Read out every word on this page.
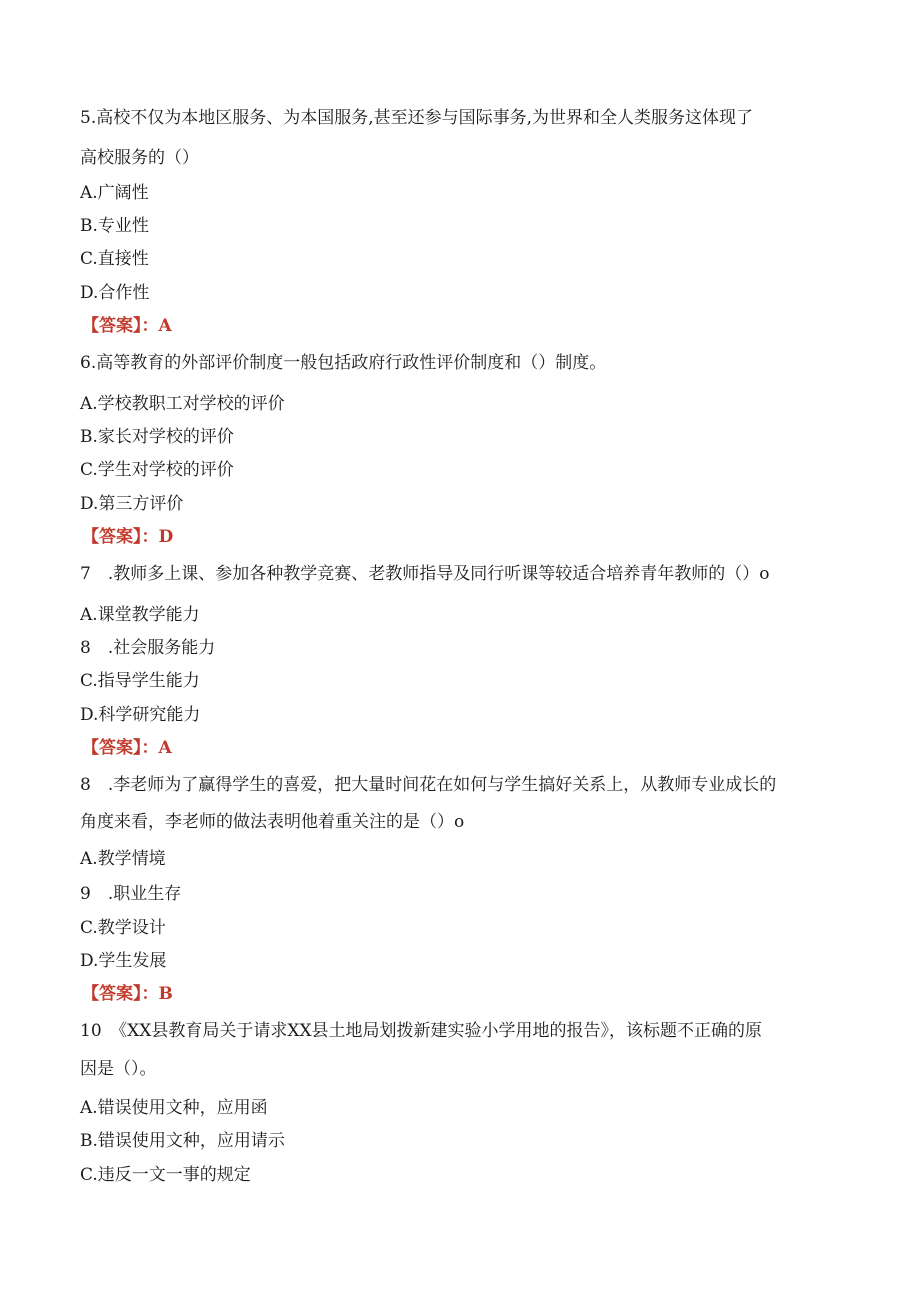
5.高校不仅为本地区服务、为本国服务,甚至还参与国际事务,为世界和全人类服务这体现了
高校服务的（）
A.广阔性
B.专业性
C.直接性
D.合作性
【答案】：A
6.高等教育的外部评价制度一般包括政府行政性评价制度和（）制度。
A.学校教职工对学校的评价
B.家长对学校的评价
C.学生对学校的评价
D.第三方评价
【答案】：D
7　.教师多上课、参加各种教学竞赛、老教师指导及同行听课等较适合培养青年教师的（）o
A.课堂教学能力
8　.社会服务能力
C.指导学生能力
D.科学研究能力
【答案】：A
8　.李老师为了赢得学生的喜爱，把大量时间花在如何与学生搞好关系上，从教师专业成长的
角度来看，李老师的做法表明他着重关注的是（）o
A.教学情境
9　.职业生存
C.教学设计
D.学生发展
【答案】：B
10　《XX县教育局关于请求XX县土地局划拨新建实验小学用地的报告》，该标题不正确的原
因是（）。
A.错误使用文种，应用函
B.错误使用文种，应用请示
C.违反一文一事的规定
